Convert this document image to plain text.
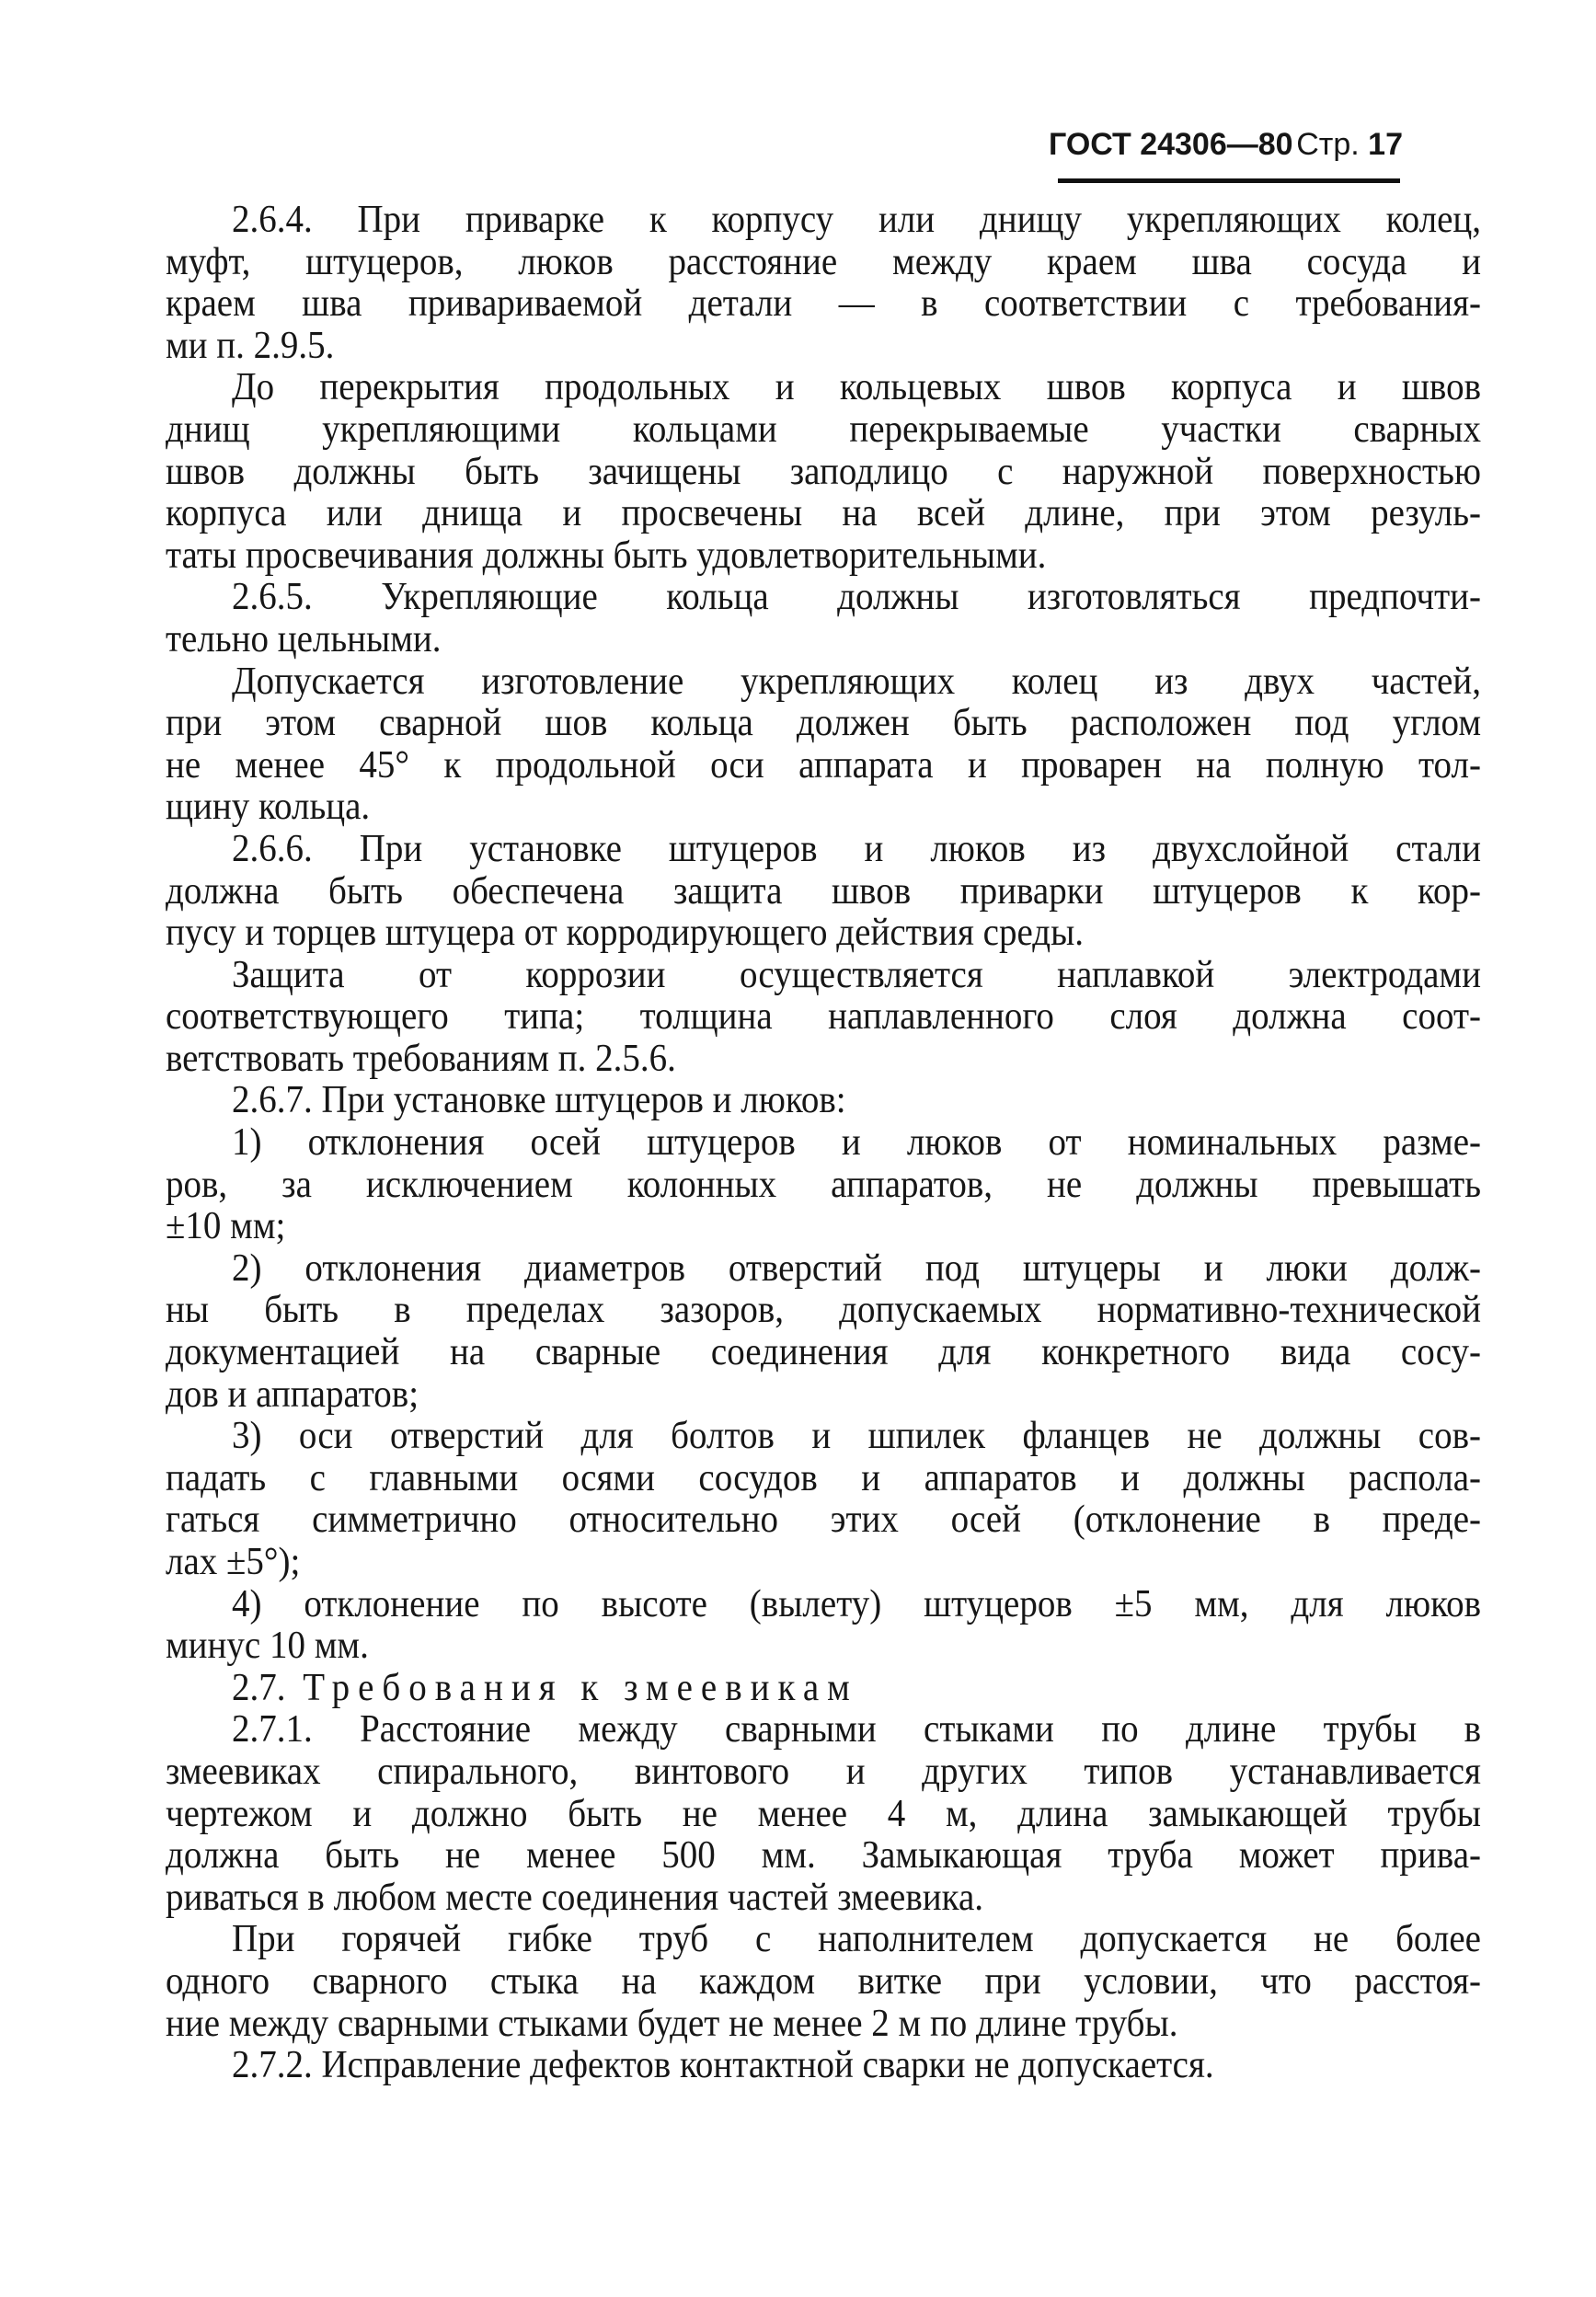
ГОСТ 24306—80 Стр. 17
2.6.4. При приварке к корпусу или днищу укрепляющих колец,
муфт, штуцеров, люков расстояние между краем шва сосуда и
краем шва привариваемой детали — в соответствии с требования-
ми п. 2.9.5.
До перекрытия продольных и кольцевых швов корпуса и швов
днищ укрепляющими кольцами перекрываемые участки сварных
швов должны быть зачищены заподлицо с наружной поверхностью
корпуса или днища и просвечены на всей длине, при этом резуль-
таты просвечивания должны быть удовлетворительными.
2.6.5. Укрепляющие кольца должны изготовляться предпочти-
тельно цельными.
Допускается изготовление укрепляющих колец из двух частей,
при этом сварной шов кольца должен быть расположен под углом
не менее 45° к продольной оси аппарата и проварен на полную тол-
щину кольца.
2.6.6. При установке штуцеров и люков из двухслойной стали
должна быть обеспечена защита швов приварки штуцеров к кор-
пусу и торцев штуцера от корродирующего действия среды.
Защита от коррозии осуществляется наплавкой электродами
соответствующего типа; толщина наплавленного слоя должна соот-
ветствовать требованиям п. 2.5.6.
2.6.7. При установке штуцеров и люков:
1) отклонения осей штуцеров и люков от номинальных разме-
ров, за исключением колонных аппаратов, не должны превышать
±10 мм;
2) отклонения диаметров отверстий под штуцеры и люки долж-
ны быть в пределах зазоров, допускаемых нормативно-технической
документацией на сварные соединения для конкретного вида сосу-
дов и аппаратов;
3) оси отверстий для болтов и шпилек фланцев не должны сов-
падать с главными осями сосудов и аппаратов и должны распола-
гаться симметрично относительно этих осей (отклонение в преде-
лах ±5°);
4) отклонение по высоте (вылету) штуцеров ±5 мм, для люков
минус 10 мм.
2.7. Требования к змеевикам
2.7.1. Расстояние между сварными стыками по длине трубы в
змеевиках спирального, винтового и других типов устанавливается
чертежом и должно быть не менее 4 м, длина замыкающей трубы
должна быть не менее 500 мм. Замыкающая труба может прива-
риваться в любом месте соединения частей змеевика.
При горячей гибке труб с наполнителем допускается не более
одного сварного стыка на каждом витке при условии, что расстоя-
ние между сварными стыками будет не менее 2 м по длине трубы.
2.7.2. Исправление дефектов контактной сварки не допускается.
